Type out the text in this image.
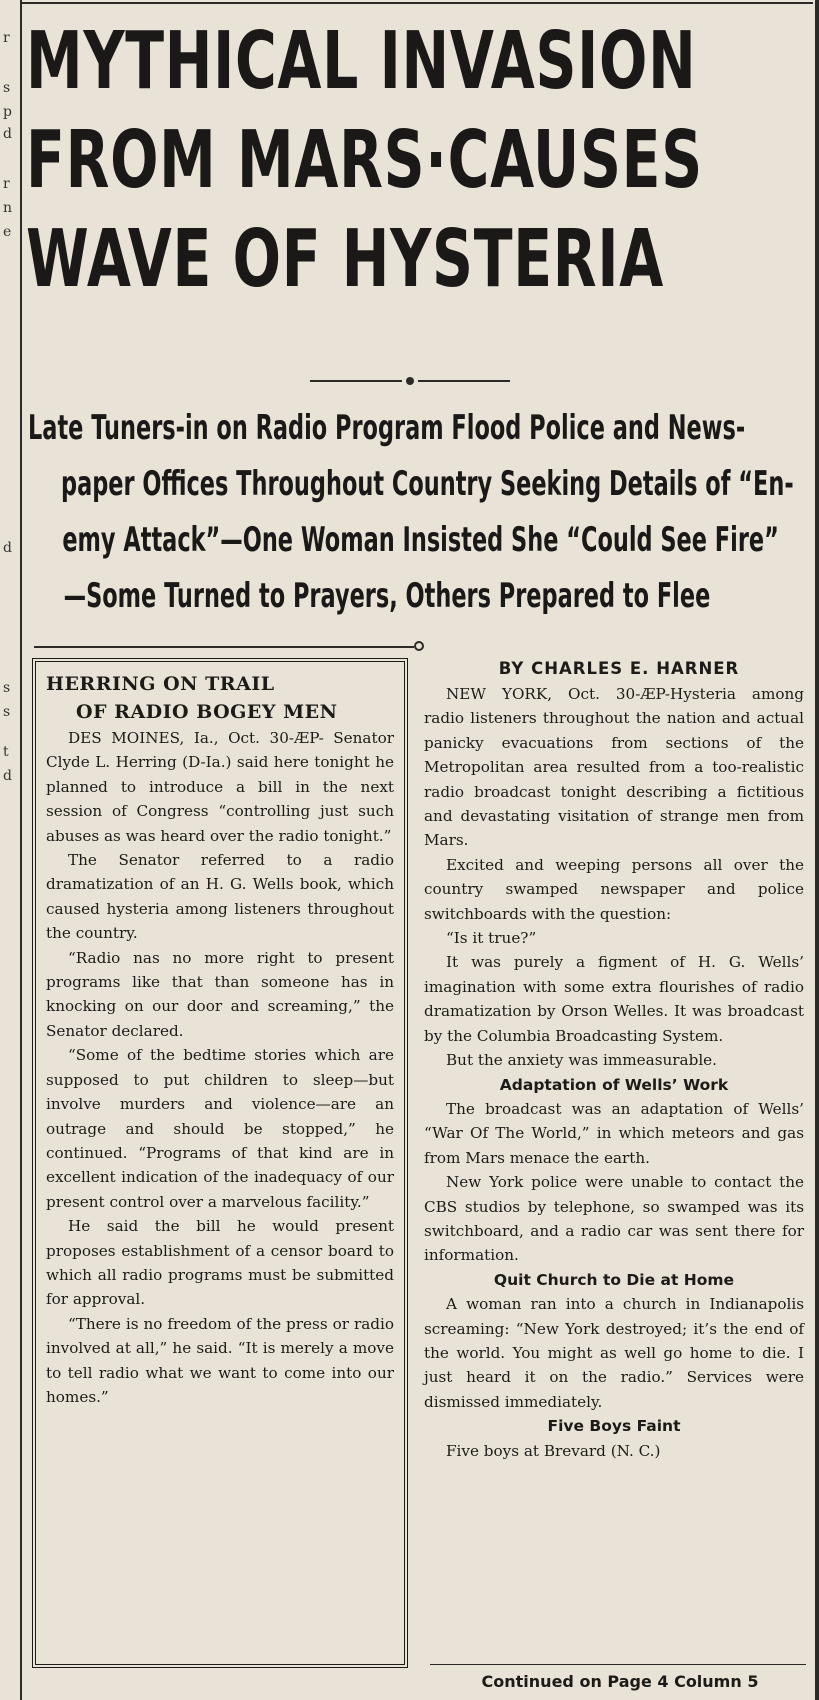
r
s
p
d
r
n
e
d
s
s
t
d
MYTHICAL INVASION
FROM MARS·CAUSES
WAVE OF HYSTERIA
Late Tuners-in on Radio Program Flood Police and News-
paper Offices Throughout Country Seeking Details of “En-
emy Attack”—One Woman Insisted She “Could See Fire”
—Some Turned to Prayers, Others Prepared to Flee
HERRING ON TRAIL
OF RADIO BOGEY MEN

DES MOINES, Ia., Oct. 30-ÆP- Senator Clyde L. Herring (D-Ia.) said here tonight he planned to introduce a bill in the next session of Congress “controlling just such abuses as was heard over the radio tonight.”

The Senator referred to a radio dramatization of an H. G. Wells book, which caused hysteria among listeners throughout the country.

“Radio nas no more right to present programs like that than someone has in knocking on our door and screaming,” the Senator declared.

“Some of the bedtime stories which are supposed to put children to sleep—but involve murders and violence—are an outrage and should be stopped,” he continued. “Programs of that kind are in excellent indication of the inadequacy of our present control over a marvelous facility.”

He said the bill he would present proposes establishment of a censor board to which all radio programs must be submitted for approval.

“There is no freedom of the press or radio involved at all,” he said. “It is merely a move to tell radio what we want to come into our homes.”

BY CHARLES E. HARNER

NEW YORK, Oct. 30-ÆP-Hysteria among radio listeners throughout the nation and actual panicky evacuations from sections of the Metropolitan area resulted from a too-realistic radio broadcast tonight describing a fictitious and devastating visitation of strange men from Mars.

Excited and weeping persons all over the country swamped newspaper and police switchboards with the question:

“Is it true?”

It was purely a figment of H. G. Wells’ imagination with some extra flourishes of radio dramatization by Orson Welles. It was broadcast by the Columbia Broadcasting System.

But the anxiety was immeasurable.

Adaptation of Wells’ Work

The broadcast was an adaptation of Wells’ “War Of The World,” in which meteors and gas from Mars menace the earth.

New York police were unable to contact the CBS studios by telephone, so swamped was its switchboard, and a radio car was sent there for information.

Quit Church to Die at Home

A woman ran into a church in Indianapolis screaming: “New York destroyed; it’s the end of the world. You might as well go home to die. I just heard it on the radio.” Services were dismissed immediately.

Five Boys Faint

Five boys at Brevard (N. C.)

Continued on Page 4 Column 5
